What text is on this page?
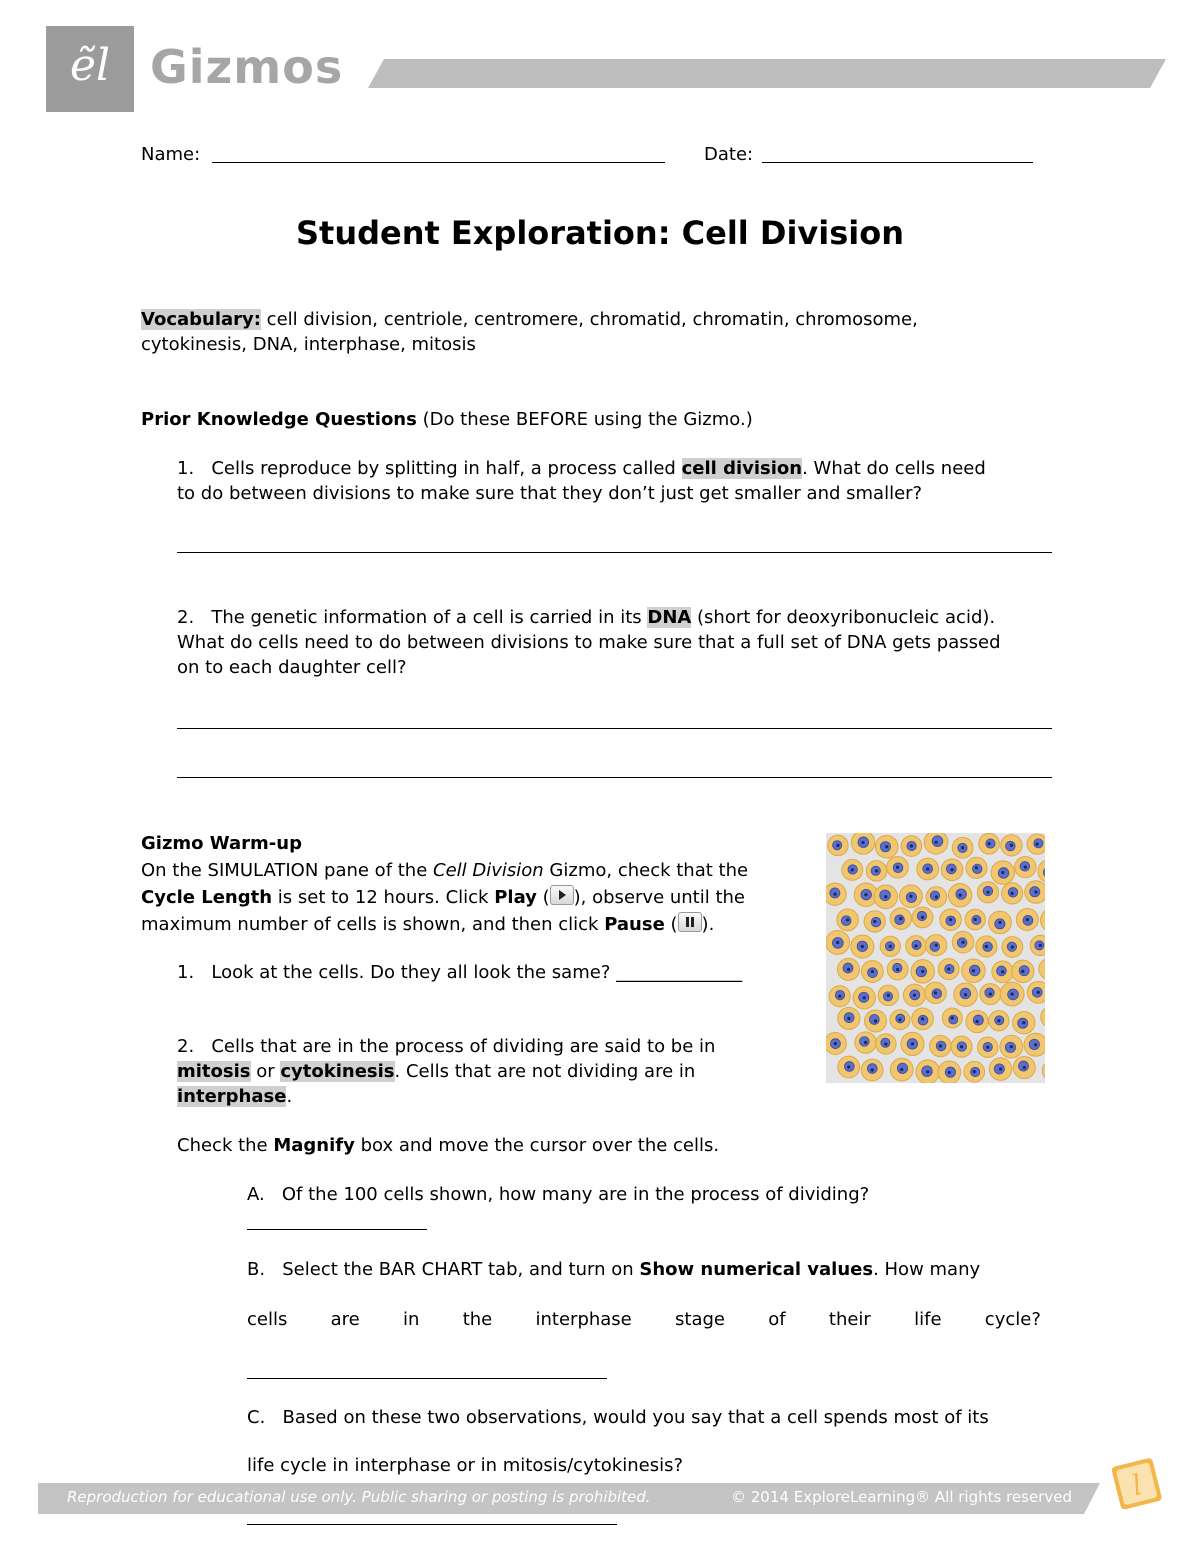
ẽl Gizmos
Name:	Date:
Student Exploration: Cell Division
Vocabulary: cell division, centriole, centromere, chromatid, chromatin, chromosome,
cytokinesis, DNA, interphase, mitosis
Prior Knowledge Questions (Do these BEFORE using the Gizmo.)
1. Cells reproduce by splitting in half, a process called cell division. What do cells need
to do between divisions to make sure that they don’t just get smaller and smaller?
2. The genetic information of a cell is carried in its DNA (short for deoxyribonucleic acid).
What do cells need to do between divisions to make sure that a full set of DNA gets passed
on to each daughter cell?
Gizmo Warm-up
On the SIMULATION pane of the Cell Division Gizmo, check that the
Cycle Length is set to 12 hours. Click Play ( ), observe until the
maximum number of cells is shown, and then click Pause ( ).
1. Look at the cells. Do they all look the same? ______________
2. Cells that are in the process of dividing are said to be in
mitosis or cytokinesis. Cells that are not dividing are in
interphase.
Check the Magnify box and move the cursor over the cells.
A. Of the 100 cells shown, how many are in the process of dividing?
B. Select the BAR CHART tab, and turn on Show numerical values. How many
cells are in the interphase stage of their life cycle?
C. Based on these two observations, would you say that a cell spends most of its
life cycle in interphase or in mitosis/cytokinesis?
Reproduction for educational use only. Public sharing or posting is prohibited.	© 2014 ExploreLearning® All rights reserved l
